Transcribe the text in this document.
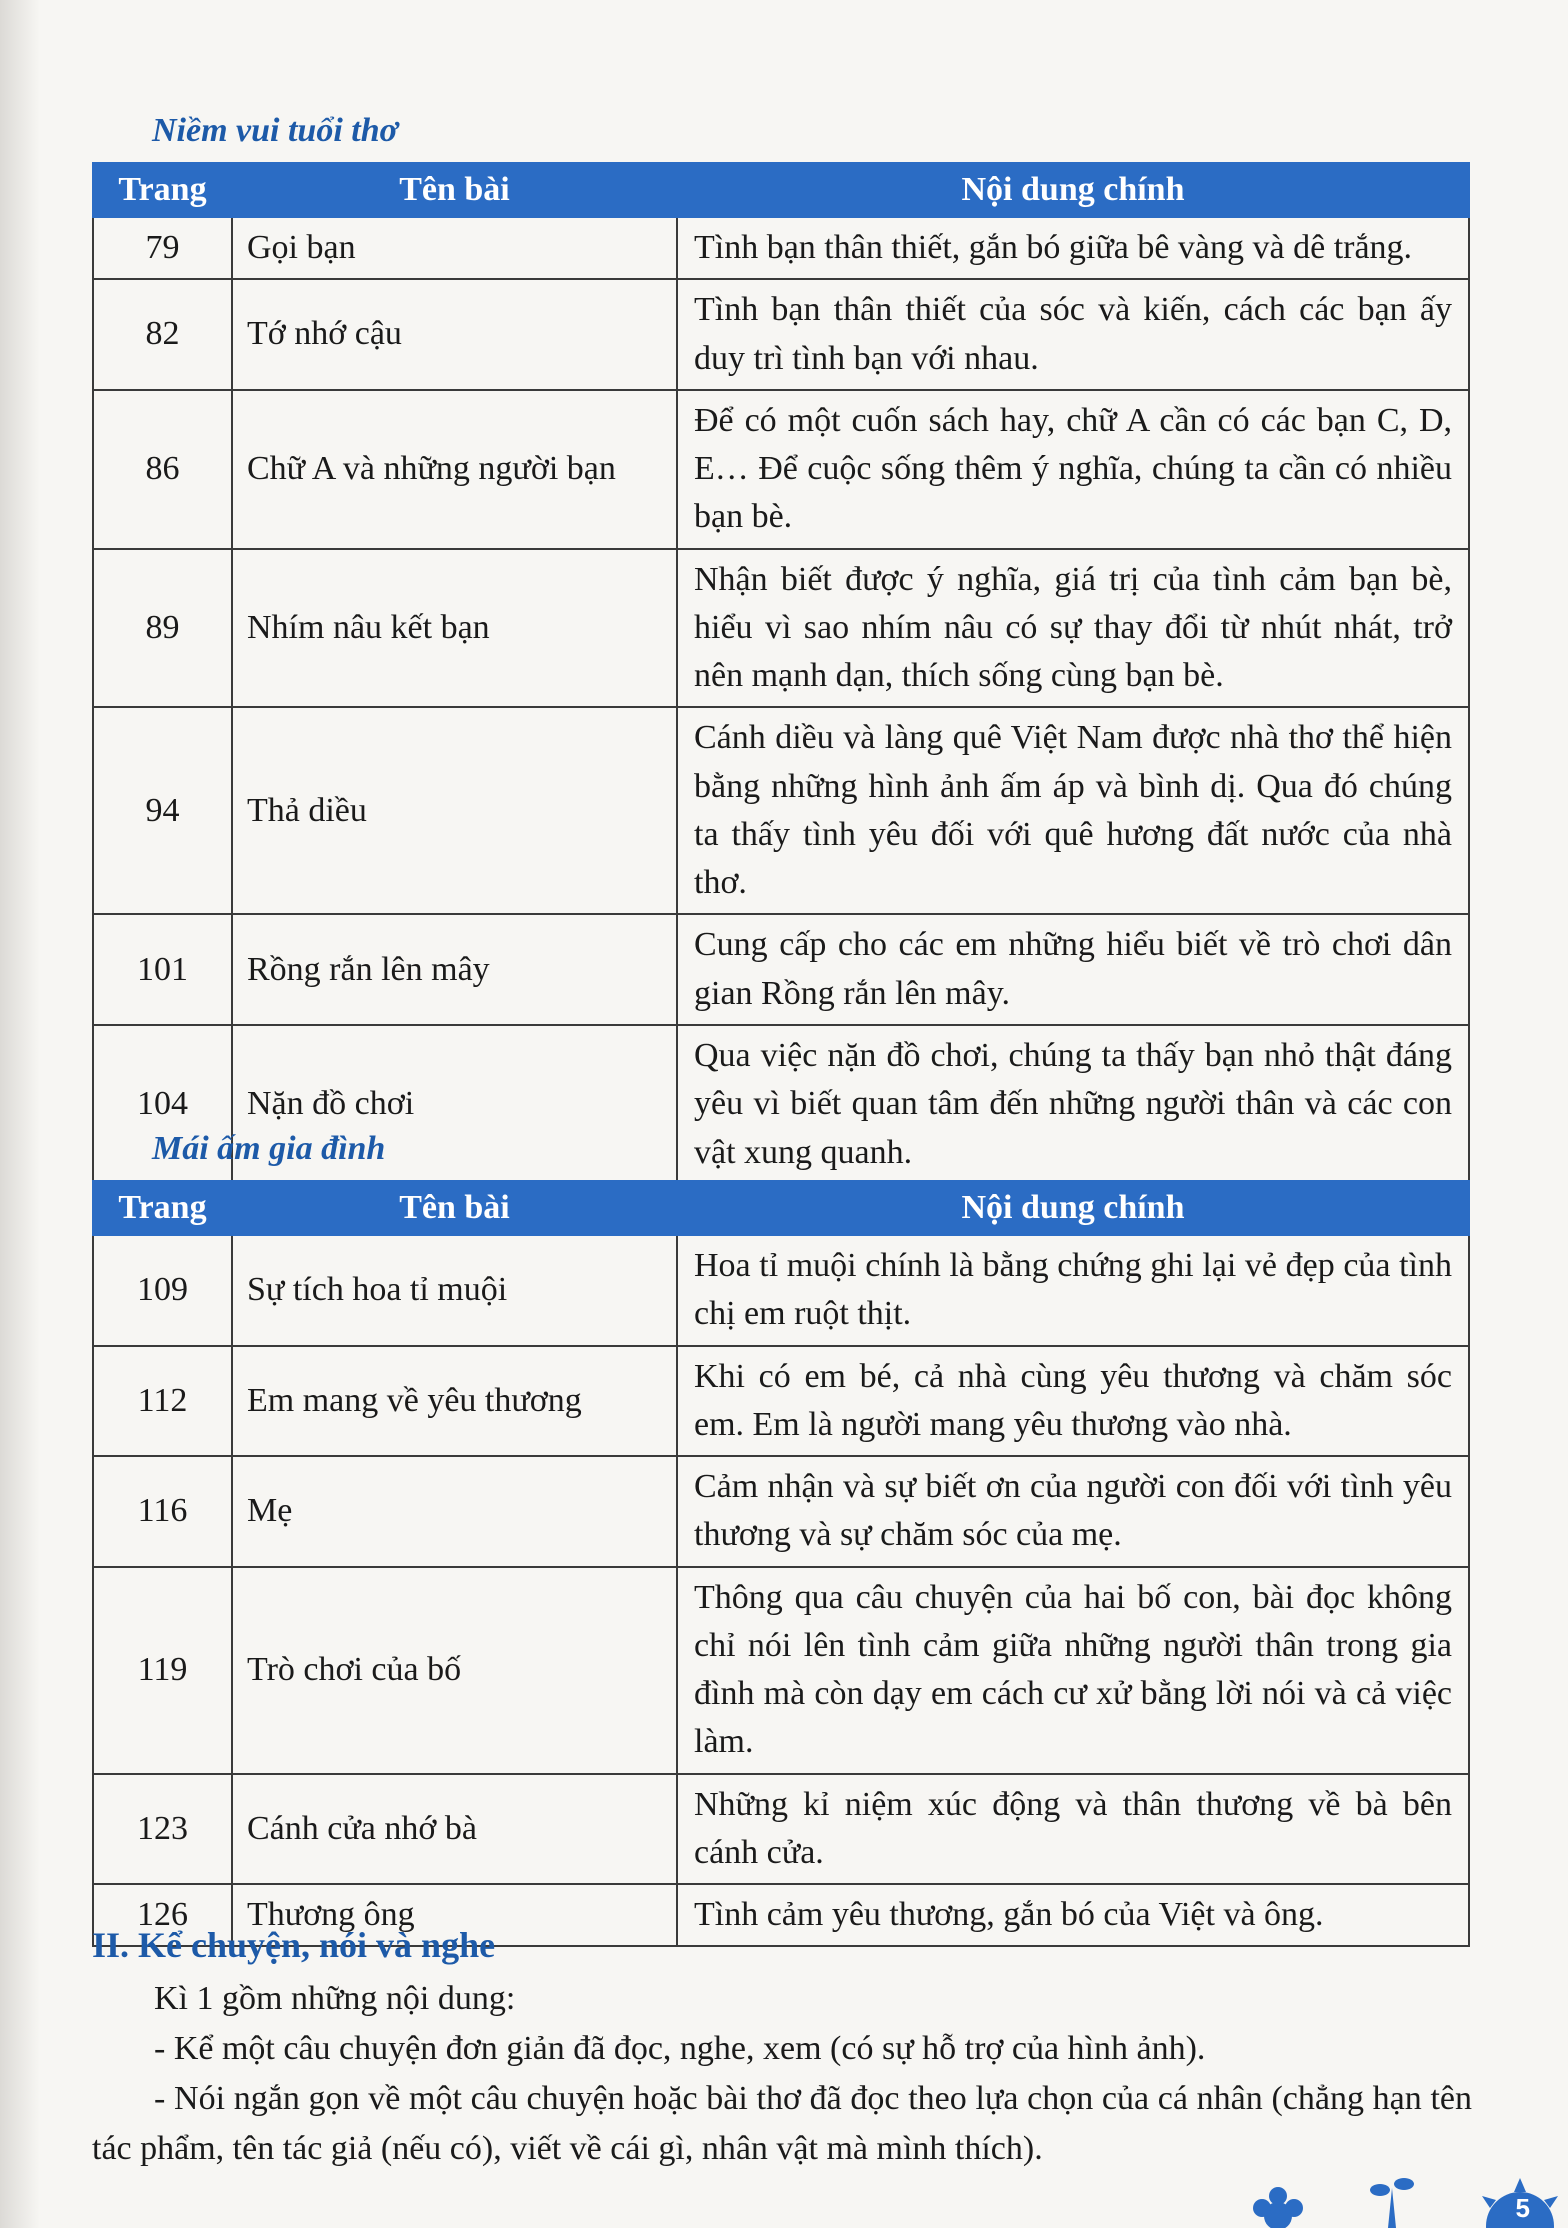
Niềm vui tuổi thơ
Trang	Tên bài	Nội dung chính
79	Gọi bạn	Tình bạn thân thiết, gắn bó giữa bê vàng và dê trắng.
82	Tớ nhớ cậu	Tình bạn thân thiết của sóc và kiến, cách các bạn ấy duy trì tình bạn với nhau.
86	Chữ A và những người bạn	Để có một cuốn sách hay, chữ A cần có các bạn C, D, E… Để cuộc sống thêm ý nghĩa, chúng ta cần có nhiều bạn bè.
89	Nhím nâu kết bạn	Nhận biết được ý nghĩa, giá trị của tình cảm bạn bè, hiểu vì sao nhím nâu có sự thay đổi từ nhút nhát, trở nên mạnh dạn, thích sống cùng bạn bè.
94	Thả diều	Cánh diều và làng quê Việt Nam được nhà thơ thể hiện bằng những hình ảnh ấm áp và bình dị. Qua đó chúng ta thấy tình yêu đối với quê hương đất nước của nhà thơ.
101	Rồng rắn lên mây	Cung cấp cho các em những hiểu biết về trò chơi dân gian Rồng rắn lên mây.
104	Nặn đồ chơi	Qua việc nặn đồ chơi, chúng ta thấy bạn nhỏ thật đáng yêu vì biết quan tâm đến những người thân và các con vật xung quanh.
Mái ấm gia đình
Trang	Tên bài	Nội dung chính
109	Sự tích hoa tỉ muội	Hoa tỉ muội chính là bằng chứng ghi lại vẻ đẹp của tình chị em ruột thịt.
112	Em mang về yêu thương	Khi có em bé, cả nhà cùng yêu thương và chăm sóc em. Em là người mang yêu thương vào nhà.
116	Mẹ	Cảm nhận và sự biết ơn của người con đối với tình yêu thương và sự chăm sóc của mẹ.
119	Trò chơi của bố	Thông qua câu chuyện của hai bố con, bài đọc không chỉ nói lên tình cảm giữa những người thân trong gia đình mà còn dạy em cách cư xử bằng lời nói và cả việc làm.
123	Cánh cửa nhớ bà	Những kỉ niệm xúc động và thân thương về bà bên cánh cửa.
126	Thương ông	Tình cảm yêu thương, gắn bó của Việt và ông.
II. Kể chuyện, nói và nghe
Kì 1 gồm những nội dung:
- Kể một câu chuyện đơn giản đã đọc, nghe, xem (có sự hỗ trợ của hình ảnh).
- Nói ngắn gọn về một câu chuyện hoặc bài thơ đã đọc theo lựa chọn của cá nhân (chẳng hạn tên tác phẩm, tên tác giả (nếu có), viết về cái gì, nhân vật mà mình thích).
5
